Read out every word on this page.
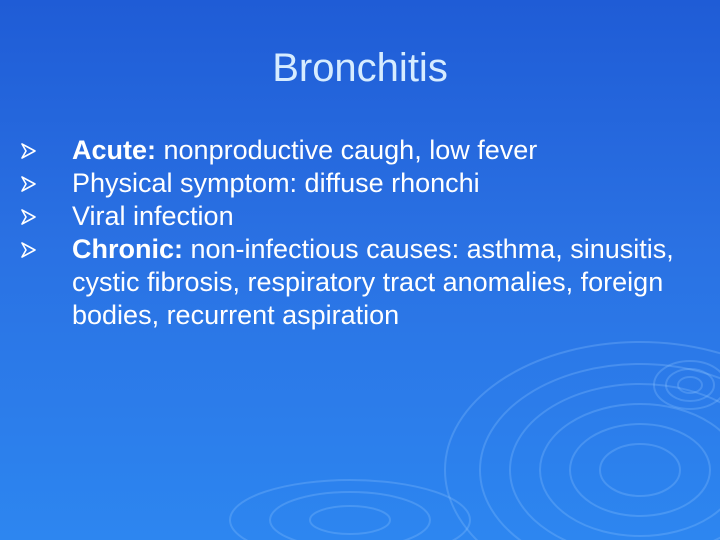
Bronchitis
Acute: nonproductive caugh, low fever
Physical symptom: diffuse rhonchi
Viral infection
Chronic: non-infectious causes: asthma, sinusitis, cystic fibrosis, respiratory tract anomalies, foreign bodies, recurrent aspiration
